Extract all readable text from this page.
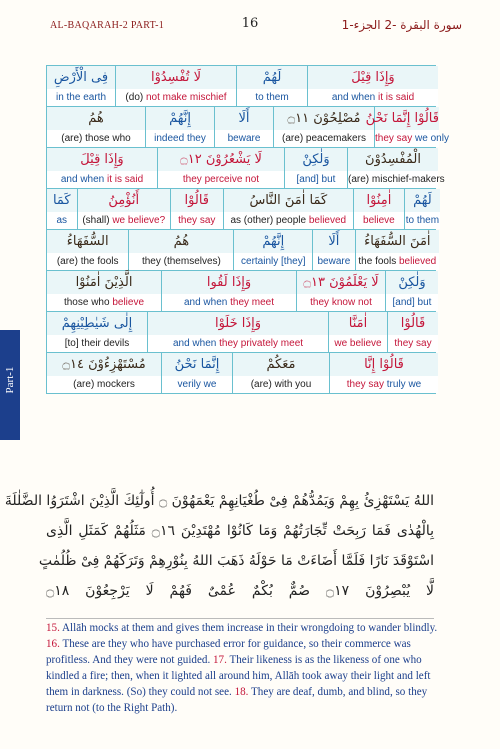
AL-BAQARAH-2 PART-1	16	سورة البقرة -2 الجزء-1
Part-1
فِى الْأَرْضِ
in the earth
لَا تُفْسِدُوْا
(do) not make mischief
لَهُمْ
to them
وَإِذَا قِيْلَ
and when it is said
هُمُ
(are) those who
إِنَّهُمْ
indeed they
أَلَا
beware
مُصْلِحُوْنَ ۝١١
(are) peacemakers
قَالُوْا إِنَّمَا نَحْنُ
they say we only
وَإِذَا قِيْلَ
and when it is said
لَا يَشْعُرُوْنَ ۝١٢
they perceive not
وَلٰكِنْ
[and] but
الْمُفْسِدُوْنَ
(are) mischief-makers
كَمَا
as
أَنُؤْمِنُ
(shall) we believe?
قَالُوْا
they say
كَمَا اٰمَنَ النَّاسُ
as (other) people believed
اٰمِنُوْا
believe
لَهُمْ
to them
السُّفَهَاءُ
(are) the fools
هُمُ
they (themselves)
إِنَّهُمْ
certainly [they]
أَلَا
beware
اٰمَنَ السُّفَهَاءُ
the fools believed
الَّذِيْنَ اٰمَنُوْا
those who believe
وَإِذَا لَقُوا
and when they meet
لَا يَعْلَمُوْنَ ۝١٣
they know not
وَلٰكِنْ
[and] but
إِلٰى شَيٰطِيْنِهِمْ
[to] their devils
وَإِذَا خَلَوْا
and when they privately meet
اٰمَنَّا
we believe
قَالُوْا
they say
مُسْتَهْزِءُوْنَ ۝١٤
(are) mockers
إِنَّمَا نَحْنُ
verily we
مَعَكُمْ
(are) with you
قَالُوْا إِنَّا
they say truly we
اللهُ يَسْتَهْزِئُ بِهِمْ وَيَمُدُّهُمْ فِىْ طُغْيَانِهِمْ يَعْمَهُوْنَ ۝ أُولٰٓئِكَ الَّذِيْنَ اشْتَرَوُا الضَّلٰلَةَ
بِالْهُدٰى فَمَا رَبِحَتْ تِّجَارَتُهُمْ وَمَا كَانُوْا مُهْتَدِيْنَ ۝١٦ مَثَلُهُمْ كَمَثَلِ الَّذِى
اسْتَوْقَدَ نَارًا فَلَمَّا أَضَاءَتْ مَا حَوْلَهُ ذَهَبَ اللهُ بِنُوْرِهِمْ وَتَرَكَهُمْ فِىْ ظُلُمٰتٍ
لَّا يُبْصِرُوْنَ ۝١٧ صُمٌّ بُكْمٌ عُمْىٌ فَهُمْ لَا يَرْجِعُوْنَ ۝١٨

15. Allāh mocks at them and gives them increase in their wrongdoing to wander blindly. 16. These are they who have purchased error for guidance, so their commerce was profitless. And they were not guided. 17. Their likeness is as the likeness of one who kindled a fire; then, when it lighted all around him, Allāh took away their light and left them in darkness. (So) they could not see. 18. They are deaf, dumb, and blind, so they return not (to the Right Path).
